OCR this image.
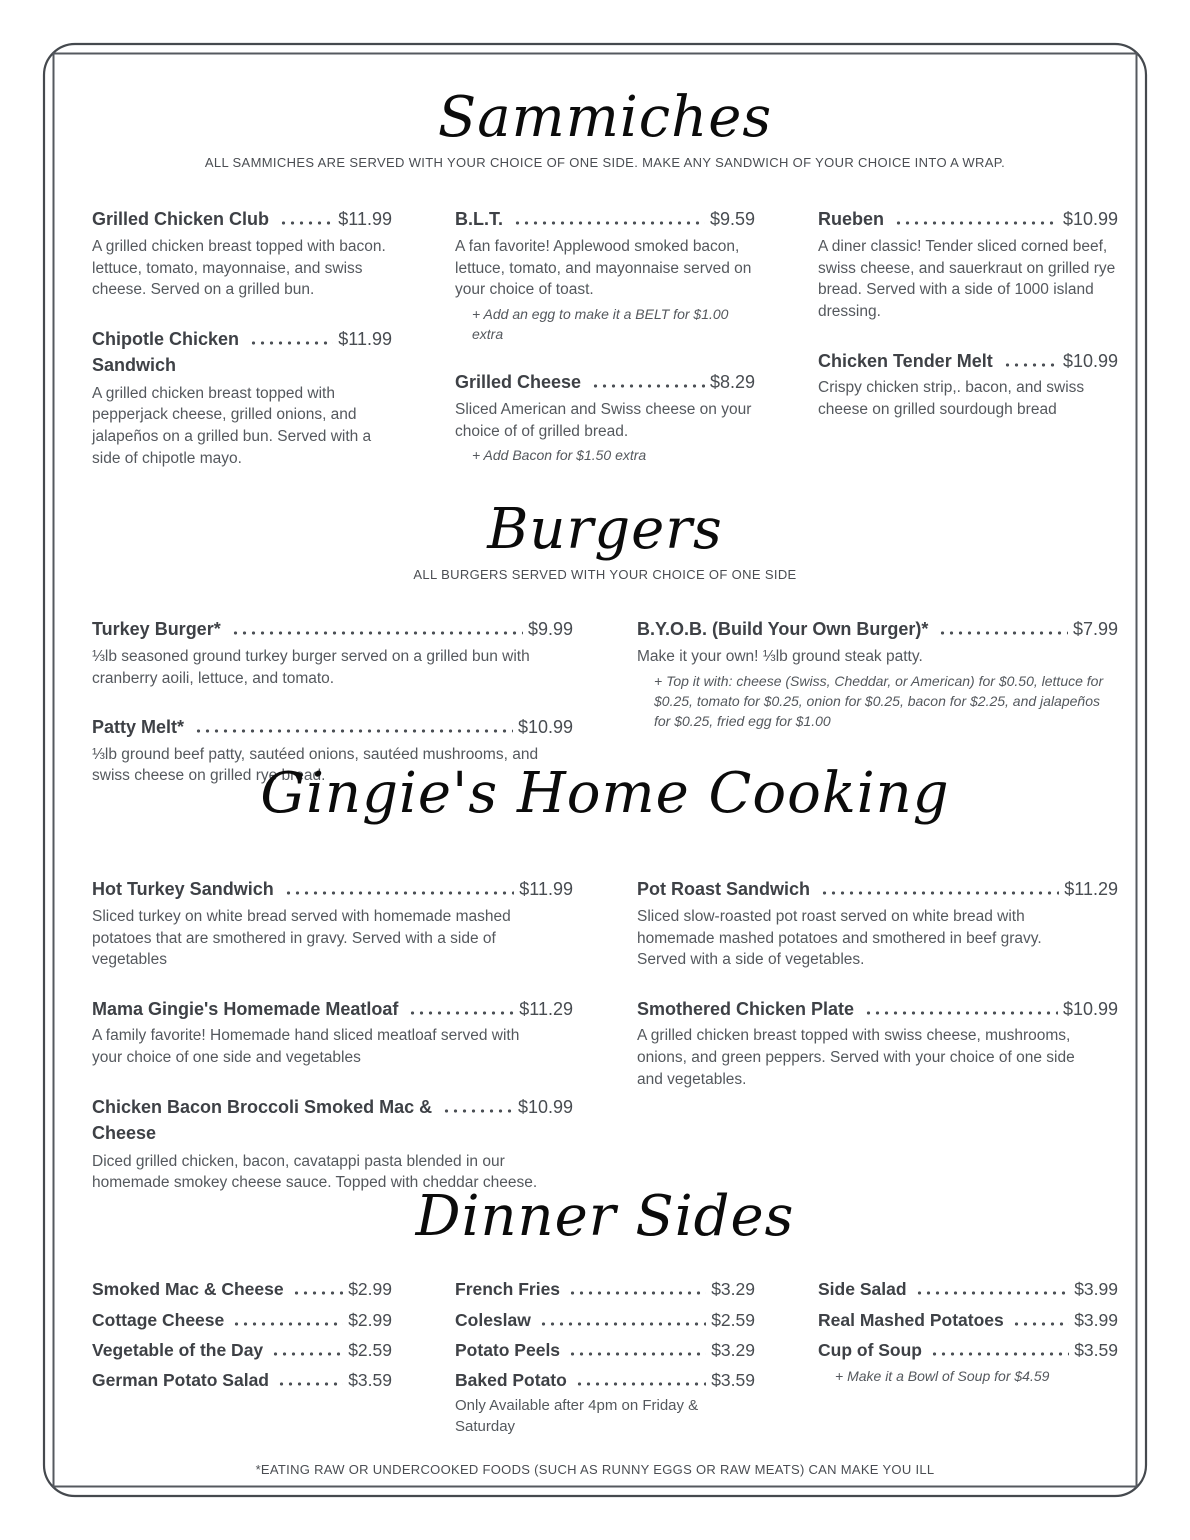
Sammiches
ALL SAMMICHES ARE SERVED WITH YOUR CHOICE OF ONE SIDE. MAKE ANY SANDWICH OF YOUR CHOICE INTO A WRAP.
Grilled Chicken Club	$11.99
A grilled chicken breast topped with bacon. lettuce, tomato, mayonnaise, and swiss cheese. Served on a grilled bun.
Chipotle Chicken	$11.99
Sandwich
A grilled chicken breast topped with pepperjack cheese, grilled onions, and jalapeños on a grilled bun. Served with a side of chipotle mayo.
B.L.T.	$9.59
A fan favorite! Applewood smoked bacon, lettuce, tomato, and mayonnaise served on your choice of toast.
+ Add an egg to make it a BELT for $1.00 extra
Grilled Cheese	$8.29
Sliced American and Swiss cheese on your choice of of grilled bread.
+ Add Bacon for $1.50 extra
Rueben	$10.99
A diner classic! Tender sliced corned beef, swiss cheese, and sauerkraut on grilled rye bread. Served with a side of 1000 island dressing.
Chicken Tender Melt	$10.99
Crispy chicken strip,. bacon, and swiss cheese on grilled sourdough bread
Burgers
ALL BURGERS SERVED WITH YOUR CHOICE OF ONE SIDE
Turkey Burger*	$9.99
⅓lb seasoned ground turkey burger served on a grilled bun with cranberry aoili, lettuce, and tomato.
Patty Melt*	$10.99
⅓lb ground beef patty, sautéed onions, sautéed mushrooms, and swiss cheese on grilled rye bread.
B.Y.O.B. (Build Your Own Burger)*	$7.99
Make it your own! ⅓lb ground steak patty.
+ Top it with: cheese (Swiss, Cheddar, or American) for $0.50, lettuce for $0.25, tomato for $0.25, onion for $0.25, bacon for $2.25, and jalapeños for $0.25, fried egg for $1.00
Gingie's Home Cooking
Hot Turkey Sandwich	$11.99
Sliced turkey on white bread served with homemade mashed potatoes that are smothered in gravy. Served with a side of vegetables
Mama Gingie's Homemade Meatloaf	$11.29
A family favorite! Homemade hand sliced meatloaf served with your choice of one side and vegetables
Chicken Bacon Broccoli Smoked Mac &	$10.99
Cheese
Diced grilled chicken, bacon, cavatappi pasta blended in our homemade smokey cheese sauce. Topped with cheddar cheese.
Pot Roast Sandwich	$11.29
Sliced slow-roasted pot roast served on white bread with homemade mashed potatoes and smothered in beef gravy. Served with a side of vegetables.
Smothered Chicken Plate	$10.99
A grilled chicken breast topped with swiss cheese, mushrooms, onions, and green peppers. Served with your choice of one side and vegetables.
Dinner Sides
Smoked Mac & Cheese	$2.99
Cottage Cheese	$2.99
Vegetable of the Day	$2.59
German Potato Salad	$3.59
French Fries	$3.29
Coleslaw	$2.59
Potato Peels	$3.29
Baked Potato	$3.59
Only Available after 4pm on Friday & Saturday
Side Salad	$3.99
Real Mashed Potatoes	$3.99
Cup of Soup	$3.59
+ Make it a Bowl of Soup for $4.59
*EATING RAW OR UNDERCOOKED FOODS (SUCH AS RUNNY EGGS OR RAW MEATS) CAN MAKE YOU ILL
